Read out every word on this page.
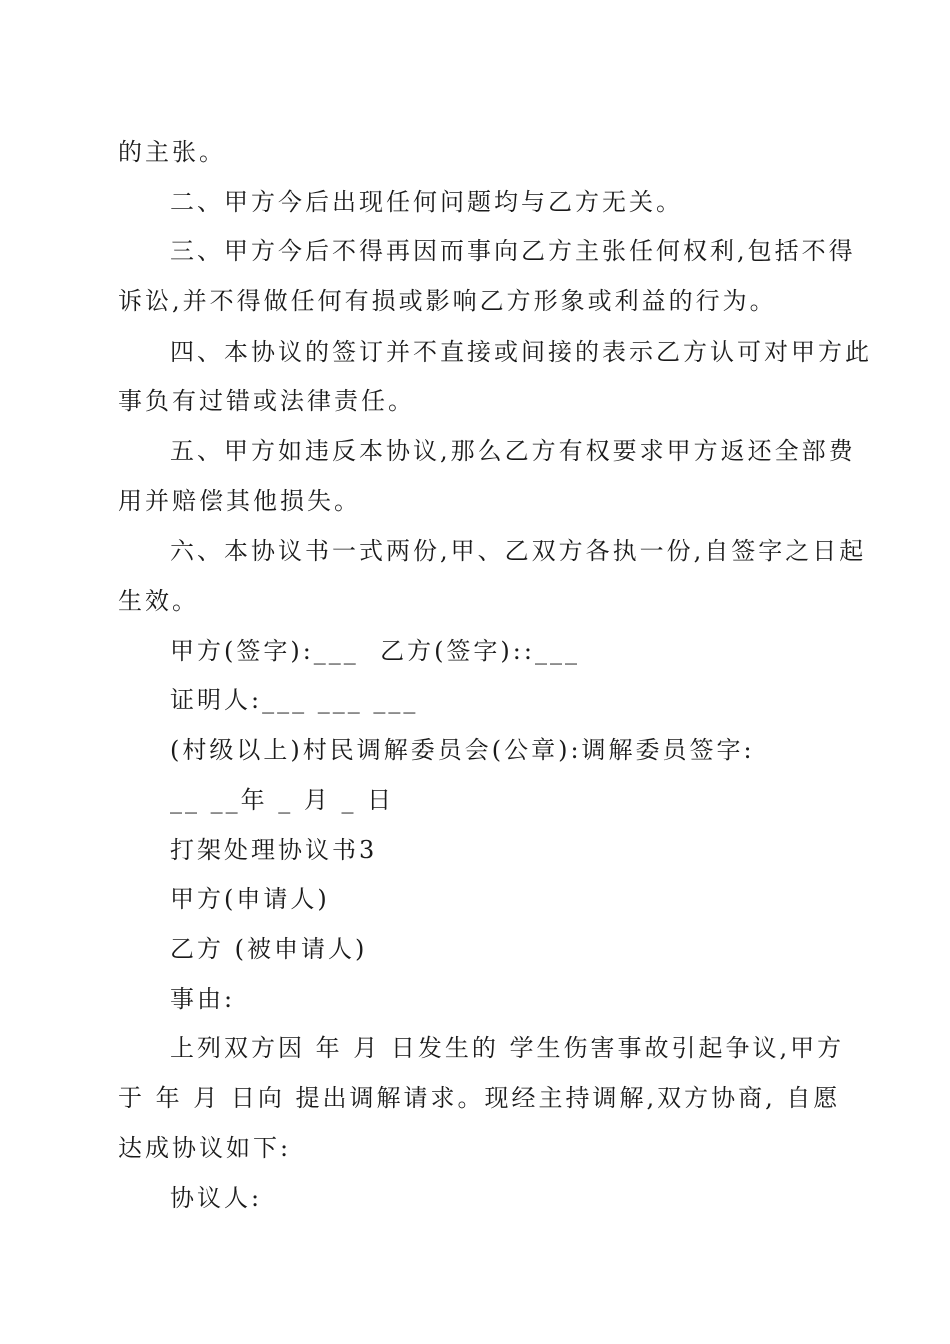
的主张。
二、甲方今后出现任何问题均与乙方无关。
三、甲方今后不得再因而事向乙方主张任何权利,包括不得
诉讼,并不得做任何有损或影响乙方形象或利益的行为。
四、本协议的签订并不直接或间接的表示乙方认可对甲方此
事负有过错或法律责任。
五、甲方如违反本协议,那么乙方有权要求甲方返还全部费
用并赔偿其他损失。
六、本协议书一式两份,甲、乙双方各执一份,自签字之日起
生效。
甲方(签字):___  乙方(签字)::___
证明人:___ ___ ___
(村级以上)村民调解委员会(公章):调解委员签字:
__ __年 _ 月 _ 日
打架处理协议书3
甲方(申请人)
乙方 (被申请人)
事由:
上列双方因 年 月 日发生的 学生伤害事故引起争议,甲方
于 年 月 日向 提出调解请求。现经主持调解,双方协商, 自愿
达成协议如下:
协议人:
